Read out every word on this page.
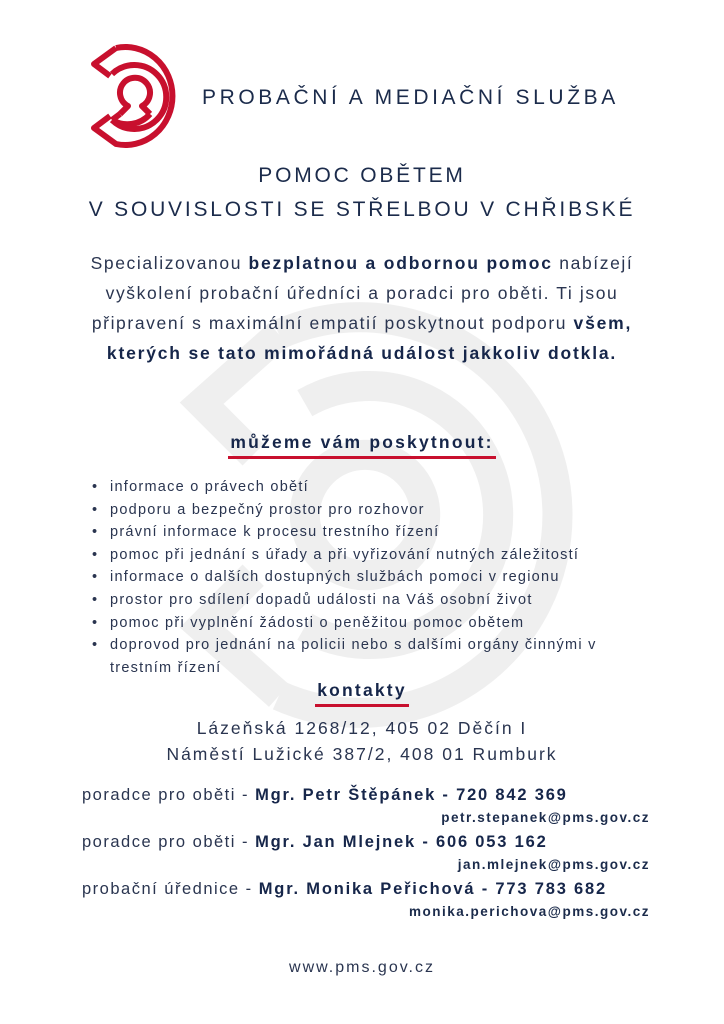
PROBAČNÍ A MEDIAČNÍ SLUŽBA
POMOC OBĚTEM
V SOUVISLOSTI SE STŘELBOU V CHŘIBSKÉ
Specializovanou bezplatnou a odbornou pomoc nabízejí vyškolení probační úředníci a poradci pro oběti. Ti jsou připravení s maximální empatií poskytnout podporu všem, kterých se tato mimořádná událost jakkoliv dotkla.
můžeme vám poskytnout:
• informace o právech obětí
• podporu a bezpečný prostor pro rozhovor
• právní informace k procesu trestního řízení
• pomoc při jednání s úřady a při vyřizování nutných záležitostí
• informace o dalších dostupných službách pomoci v regionu
• prostor pro sdílení dopadů události na Váš osobní život
• pomoc při vyplnění žádosti o peněžitou pomoc obětem
• doprovod pro jednání na policii nebo s dalšími orgány činnými v trestním řízení
kontakty
Lázeňská 1268/12, 405 02 Děčín I
Náměstí Lužické 387/2, 408 01 Rumburk
poradce pro oběti - Mgr. Petr Štěpánek - 720 842 369
petr.stepanek@pms.gov.cz
poradce pro oběti - Mgr. Jan Mlejnek - 606 053 162
jan.mlejnek@pms.gov.cz
probační úřednice - Mgr. Monika Peřichová - 773 783 682
monika.perichova@pms.gov.cz
www.pms.gov.cz
